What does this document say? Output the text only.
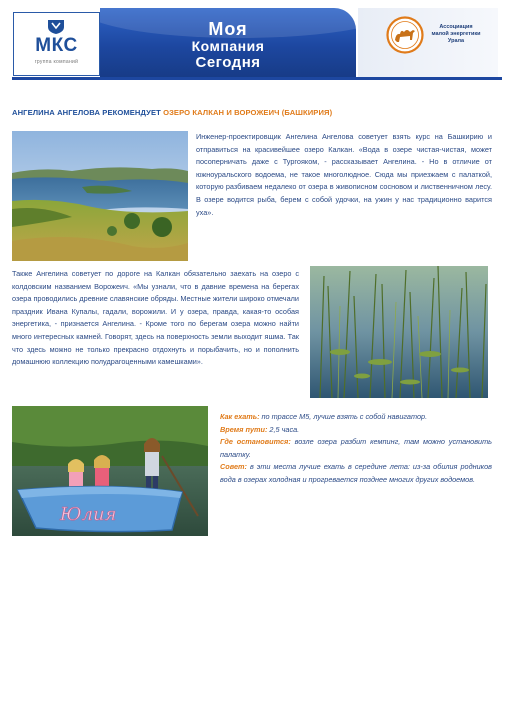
МКС
группа компаний
Моя
Компания
Сегодня
Ассоциация
малой энергетики
Урала
АНГЕЛИНА АНГЕЛОВА РЕКОМЕНДУЕТ ОЗЕРО КАЛКАН И ВОРОЖЕИЧ (БАШКИРИЯ)

Инженер-проектировщик Ангелина Ангелова советует взять курс на Башкирию и отправиться на красивейшее озеро Калкан. «Вода в озере чистая-чистая, может посоперничать даже с Тургояком, - рассказывает Ангелина. - Но в отличие от южноуральского водоема, не такое многолюдное. Сюда мы приезжаем с палаткой, которую разбиваем недалеко от озера в живописном сосновом и лиственничном лесу. В озере водится рыба, берем с собой удочки, на ужин у нас традиционно варится уха».

Также Ангелина советует по дороге на Калкан обязательно заехать на озеро с колдовским названием Ворожеич. «Мы узнали, что в давние времена на берегах озера проводились древние славянские обряды. Местные жители широко отмечали праздник Ивана Купалы, гадали, ворожили. И у озера, правда, какая-то особая энергетика, - признается Ангелина. - Кроме того по берегам озера можно найти много интересных камней. Говорят, здесь на поверхность земли выходит яшма. Так что здесь можно не только прекрасно отдохнуть и порыбачить, но и пополнить домашнюю коллекцию полудрагоценными камешками».

Юлия

Как ехать: по трассе М5, лучше взять с собой навигатор.

Время пути: 2,5 часа.

Где остановится: возле озера разбит кемпинг, там можно установить палатку.

Совет: в эти места лучше ехать в середине лета: из-за обилия родников вода в озерах холодная и прогревается позднее многих других водоемов.
